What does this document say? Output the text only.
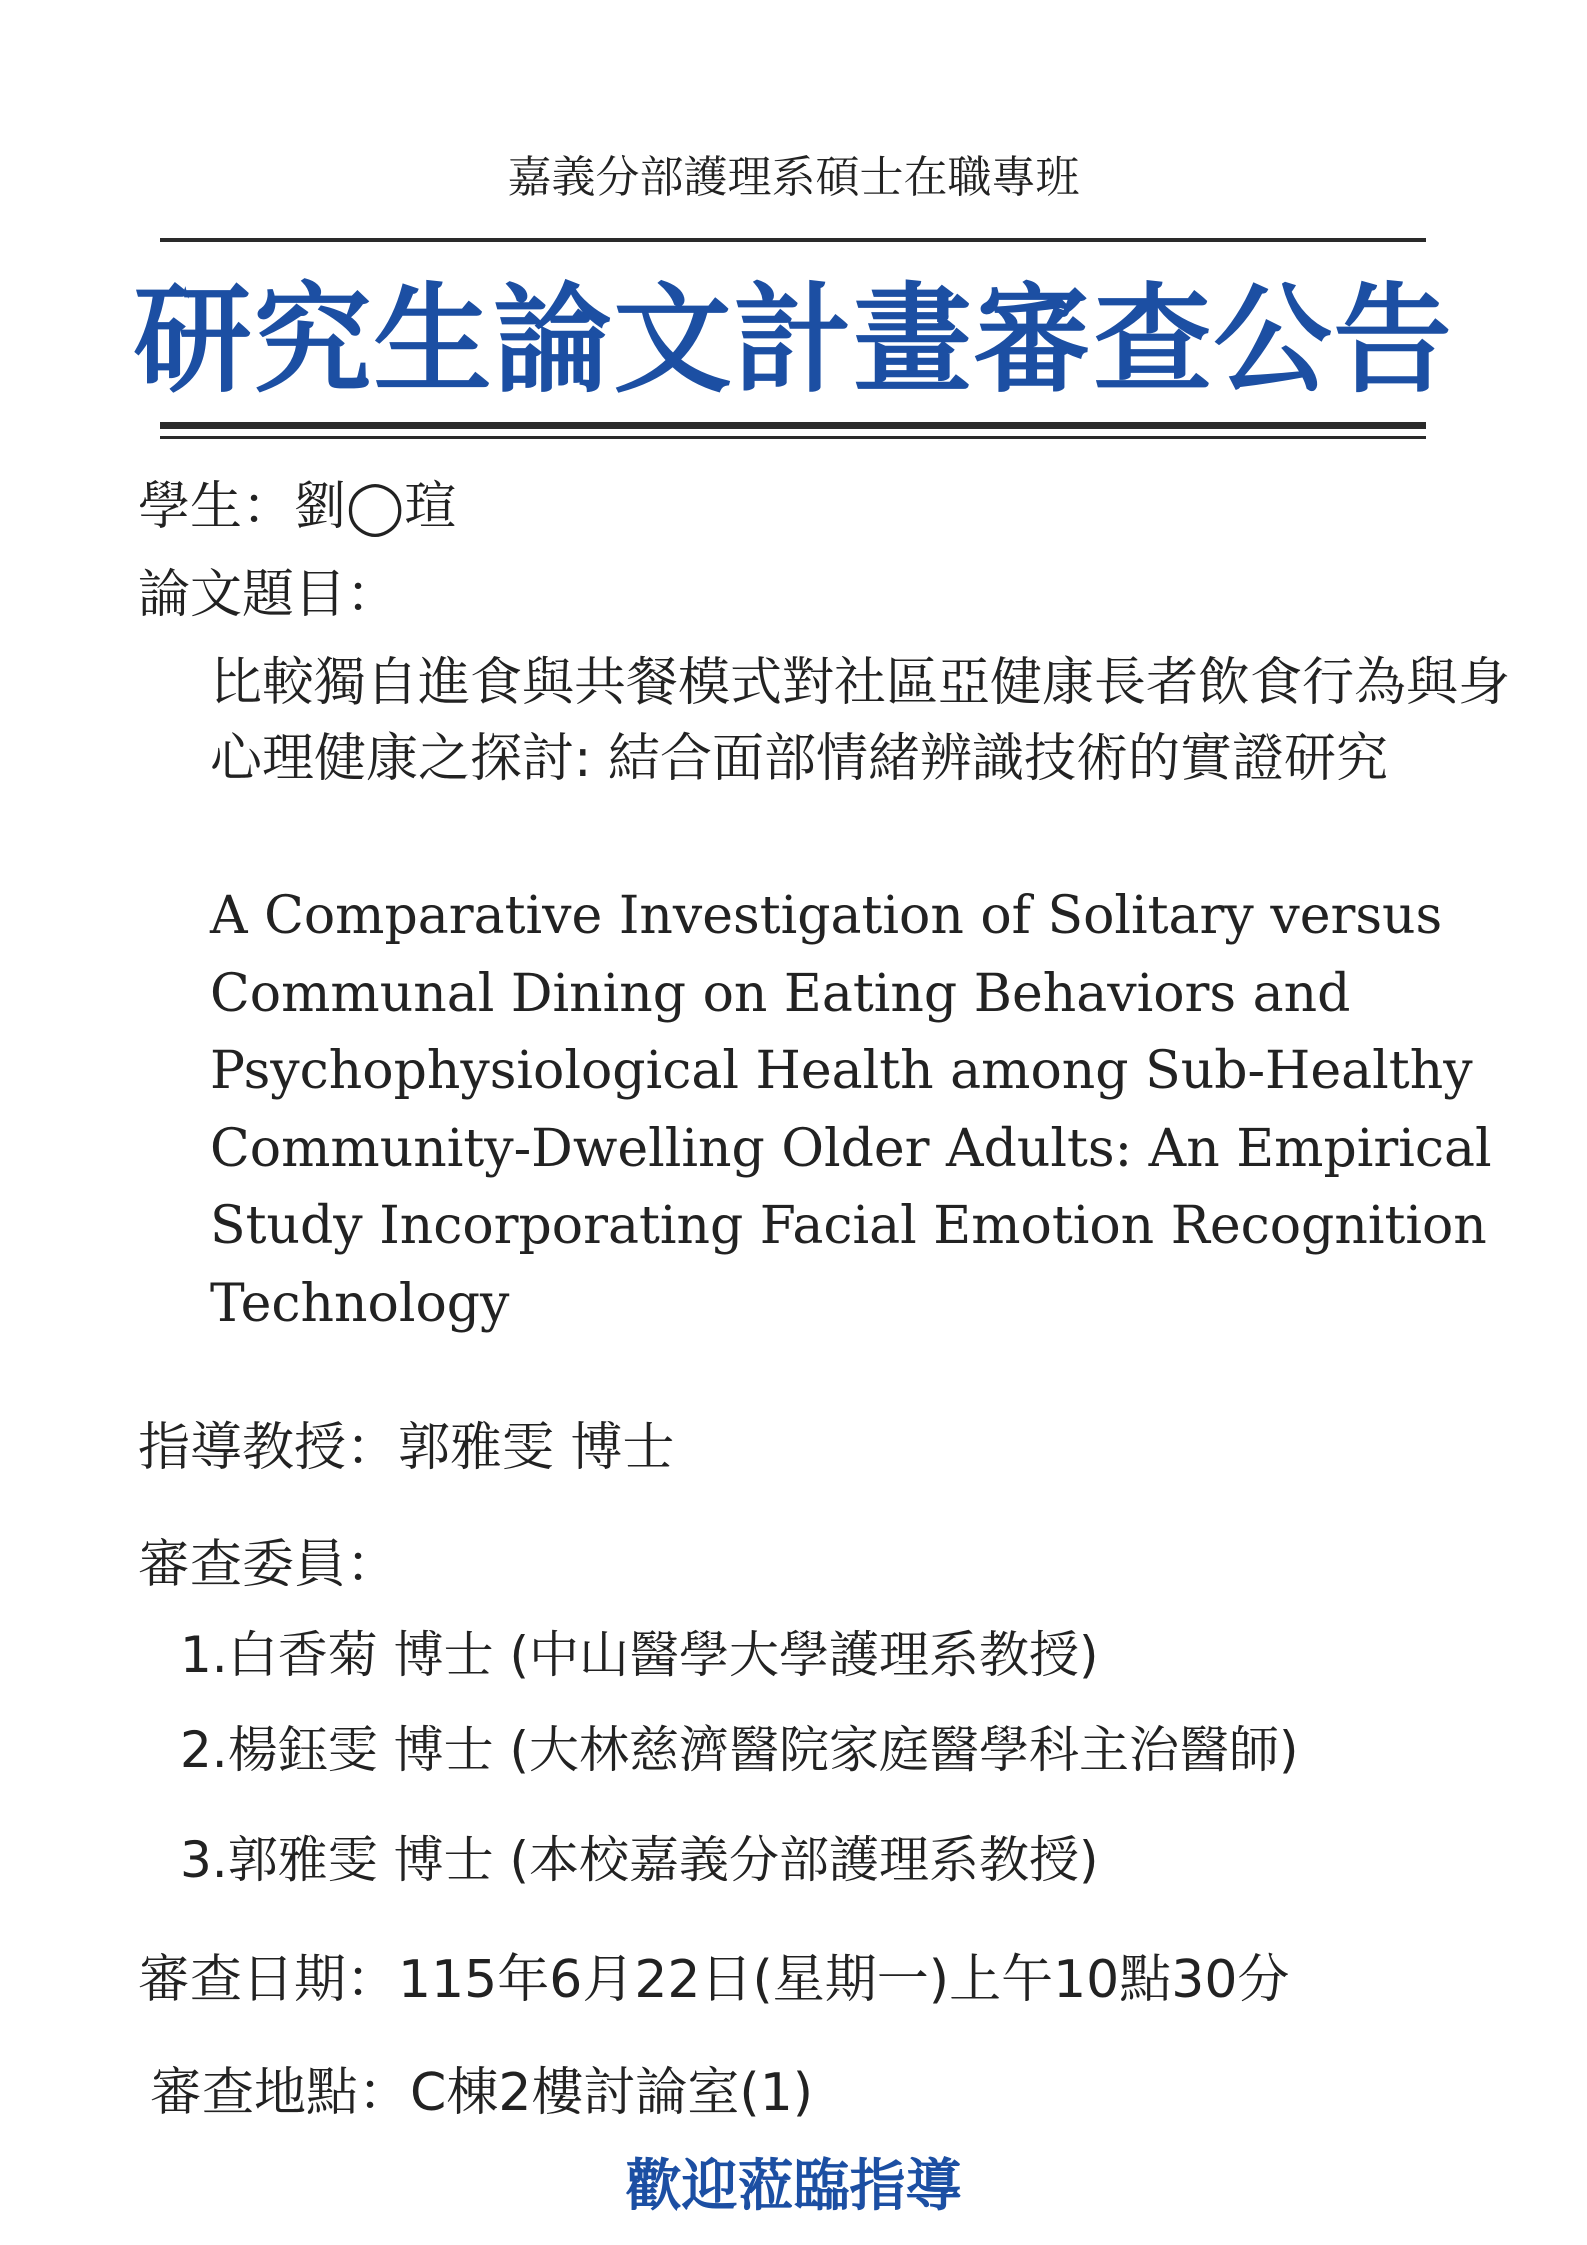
嘉義分部護理系碩士在職專班
研究生論文計畫審查公告
學生：劉◯瑄
論文題目：
比較獨自進食與共餐模式對社區亞健康長者飲食行為與身心理健康之探討: 結合面部情緒辨識技術的實證研究
A Comparative Investigation of Solitary versus Communal Dining on Eating Behaviors and Psychophysiological Health among Sub-Healthy Community-Dwelling Older Adults: An Empirical Study Incorporating Facial Emotion Recognition Technology
指導教授：郭雅雯 博士
審查委員：
1.白香菊 博士 (中山醫學大學護理系教授)
2.楊鈺雯 博士 (大林慈濟醫院家庭醫學科主治醫師)
3.郭雅雯 博士 (本校嘉義分部護理系教授)
審查日期：115年6月22日(星期一)上午10點30分
審查地點：C棟2樓討論室(1)
歡迎蒞臨指導
